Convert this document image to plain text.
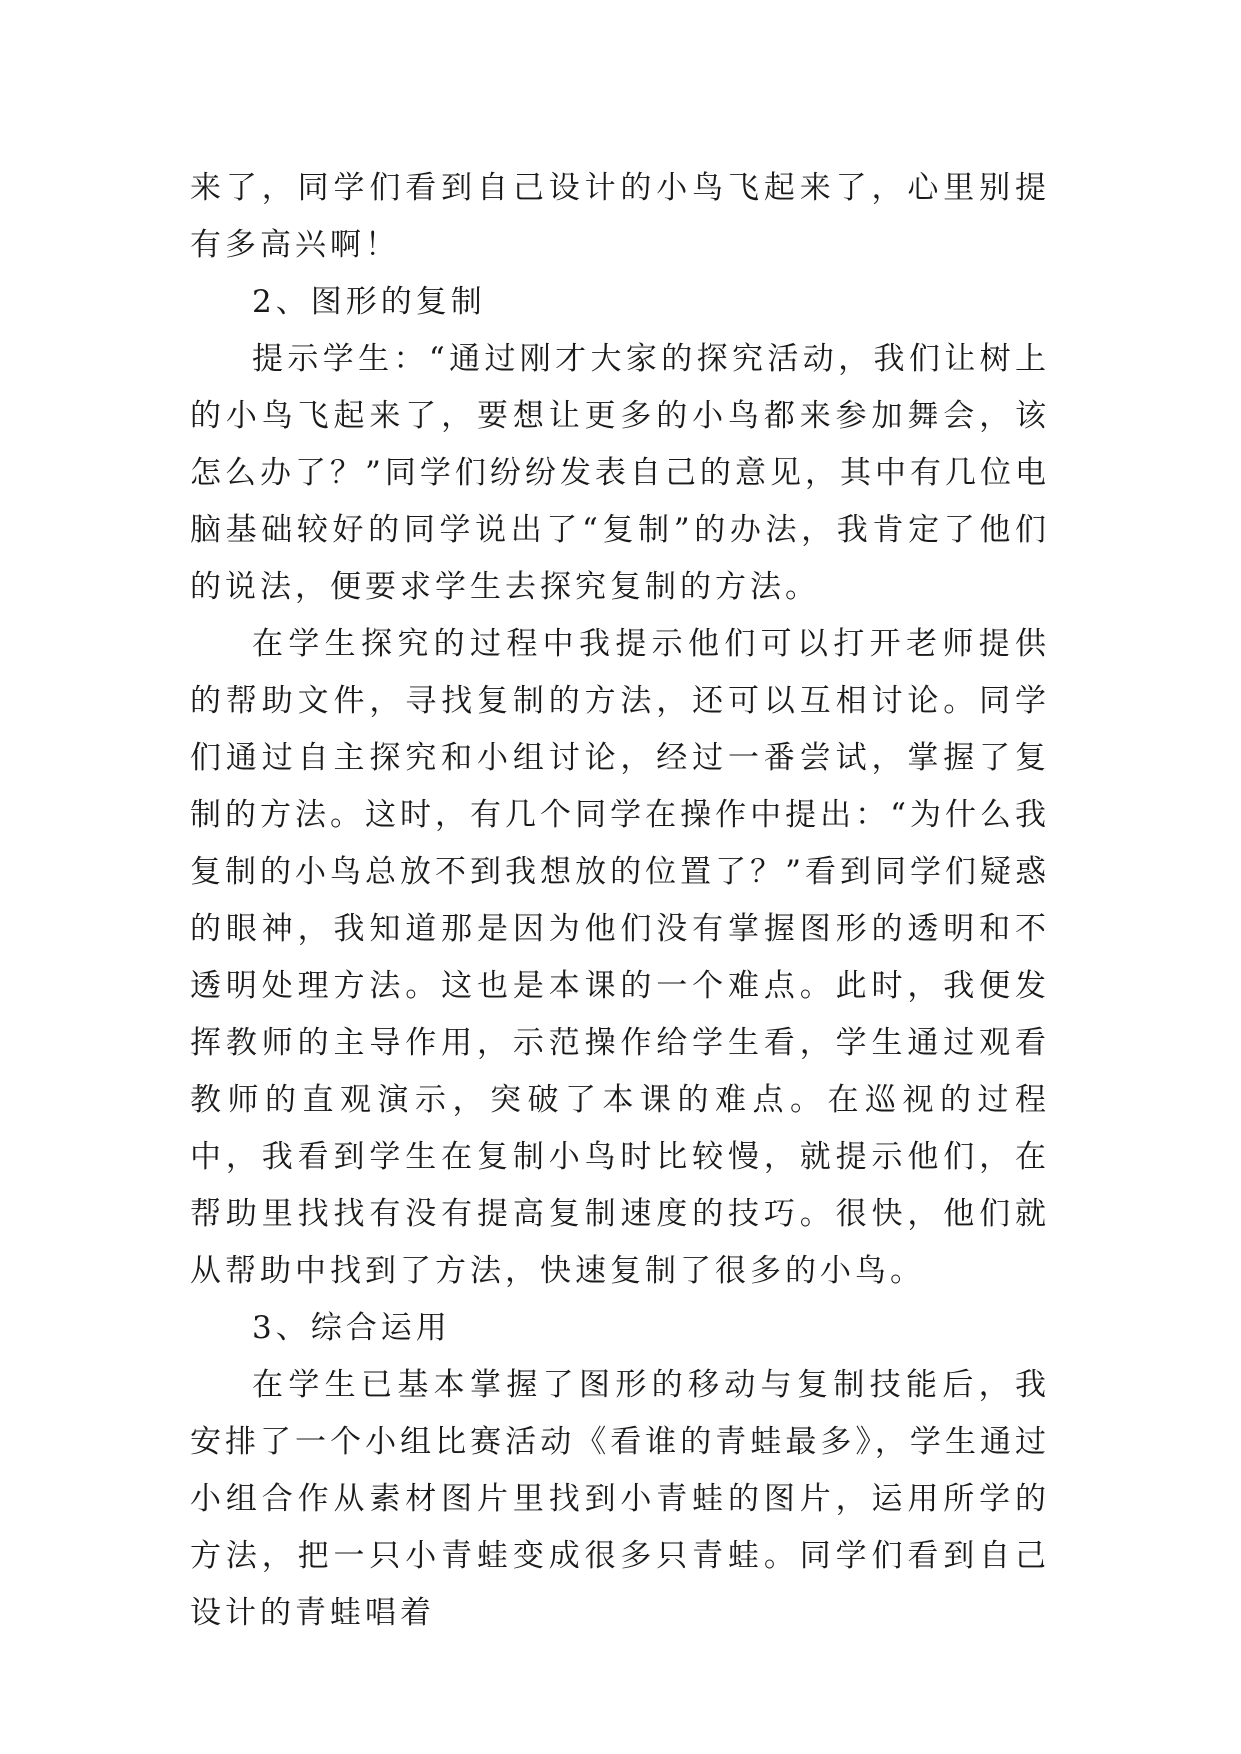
来了，同学们看到自己设计的小鸟飞起来了，心里别提有多高兴啊！

2、图形的复制

提示学生：“通过刚才大家的探究活动，我们让树上的小鸟飞起来了，要想让更多的小鸟都来参加舞会，该怎么办了？”同学们纷纷发表自己的意见，其中有几位电脑基础较好的同学说出了“复制”的办法，我肯定了他们的说法，便要求学生去探究复制的方法。

在学生探究的过程中我提示他们可以打开老师提供的帮助文件，寻找复制的方法，还可以互相讨论。同学们通过自主探究和小组讨论，经过一番尝试，掌握了复制的方法。这时，有几个同学在操作中提出：“为什么我复制的小鸟总放不到我想放的位置了？”看到同学们疑惑的眼神，我知道那是因为他们没有掌握图形的透明和不透明处理方法。这也是本课的一个难点。此时，我便发挥教师的主导作用，示范操作给学生看，学生通过观看教师的直观演示，突破了本课的难点。在巡视的过程中，我看到学生在复制小鸟时比较慢，就提示他们，在帮助里找找有没有提高复制速度的技巧。很快，他们就从帮助中找到了方法，快速复制了很多的小鸟。

3、综合运用

在学生已基本掌握了图形的移动与复制技能后，我安排了一个小组比赛活动《看谁的青蛙最多》，学生通过小组合作从素材图片里找到小青蛙的图片，运用所学的方法，把一只小青蛙变成很多只青蛙。同学们看到自己设计的青蛙唱着
